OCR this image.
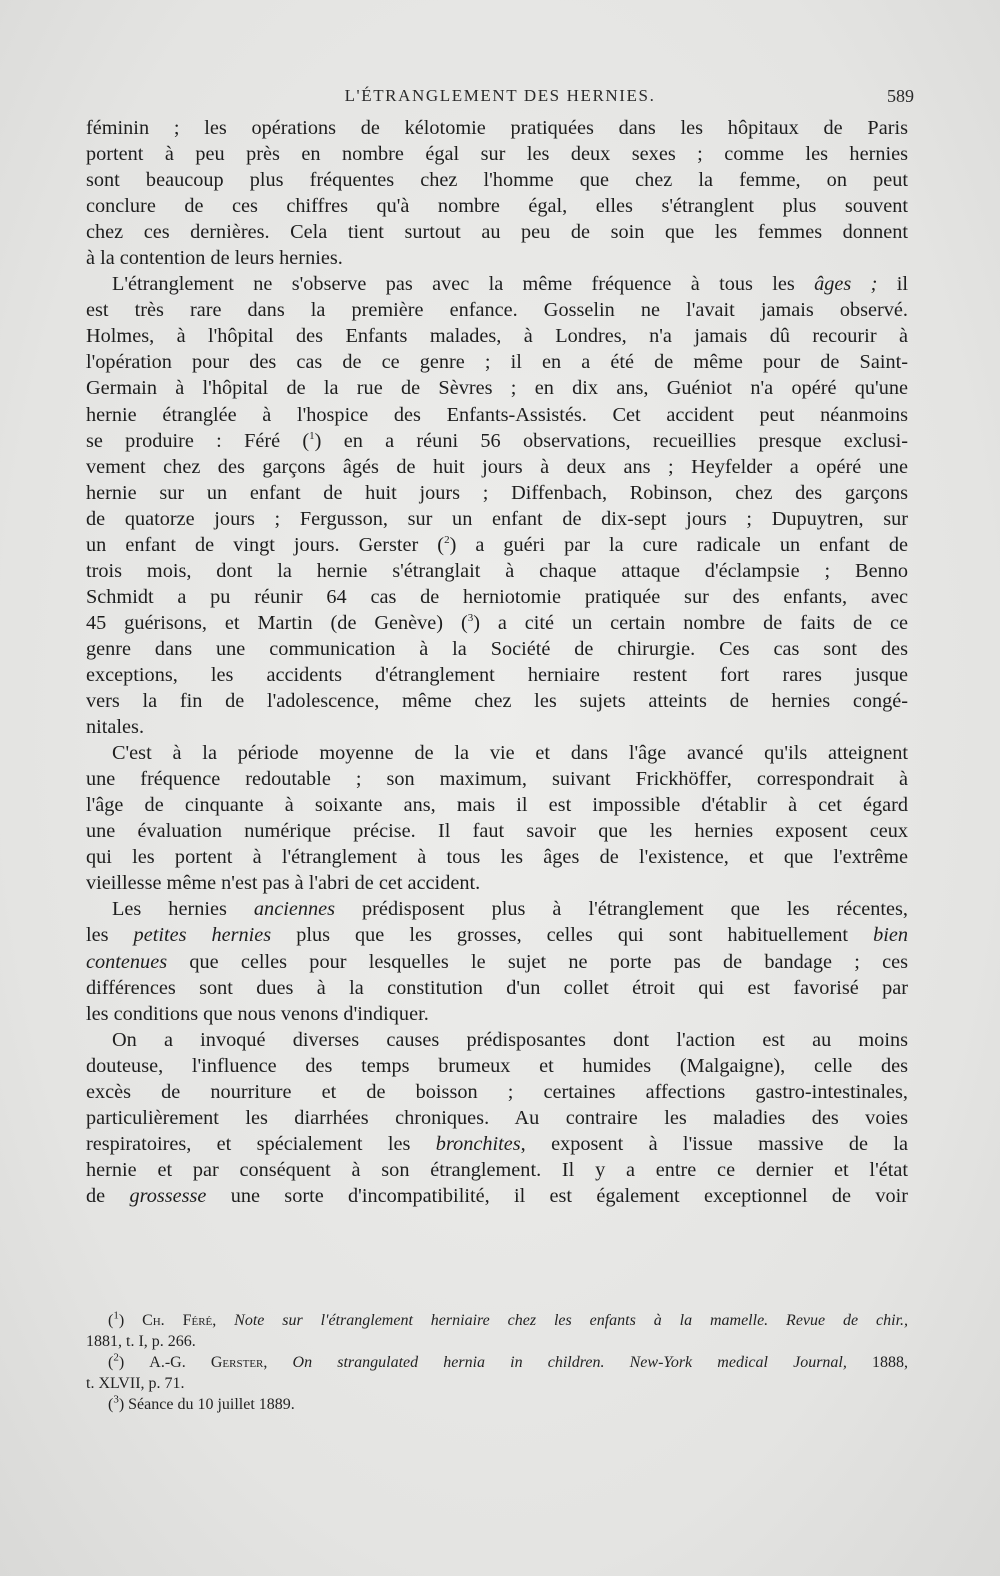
L'ÉTRANGLEMENT DES HERNIES.	589
féminin ; les opérations de kélotomie pratiquées dans les hôpitaux de Paris
portent à peu près en nombre égal sur les deux sexes ; comme les hernies
sont beaucoup plus fréquentes chez l'homme que chez la femme, on peut
conclure de ces chiffres qu'à nombre égal, elles s'étranglent plus souvent
chez ces dernières. Cela tient surtout au peu de soin que les femmes donnent
à la contention de leurs hernies.
L'étranglement ne s'observe pas avec la même fréquence à tous les âges ; il
est très rare dans la première enfance. Gosselin ne l'avait jamais observé.
Holmes, à l'hôpital des Enfants malades, à Londres, n'a jamais dû recourir à
l'opération pour des cas de ce genre ; il en a été de même pour de Saint-
Germain à l'hôpital de la rue de Sèvres ; en dix ans, Guéniot n'a opéré qu'une
hernie étranglée à l'hospice des Enfants-Assistés. Cet accident peut néanmoins
se produire : Féré ($^1$) en a réuni 56 observations, recueillies presque exclusi-
vement chez des garçons âgés de huit jours à deux ans ; Heyfelder a opéré une
hernie sur un enfant de huit jours ; Diffenbach, Robinson, chez des garçons
de quatorze jours ; Fergusson, sur un enfant de dix-sept jours ; Dupuytren, sur
un enfant de vingt jours. Gerster ($^2$) a guéri par la cure radicale un enfant de
trois mois, dont la hernie s'étranglait à chaque attaque d'éclampsie ; Benno
Schmidt a pu réunir 64 cas de herniotomie pratiquée sur des enfants, avec
45 guérisons, et Martin (de Genève) ($^3$) a cité un certain nombre de faits de ce
genre dans une communication à la Société de chirurgie. Ces cas sont des
exceptions, les accidents d'étranglement herniaire restent fort rares jusque
vers la fin de l'adolescence, même chez les sujets atteints de hernies congé-
nitales.
C'est à la période moyenne de la vie et dans l'âge avancé qu'ils atteignent
une fréquence redoutable ; son maximum, suivant Frickhöffer, correspondrait à
l'âge de cinquante à soixante ans, mais il est impossible d'établir à cet égard
une évaluation numérique précise. Il faut savoir que les hernies exposent ceux
qui les portent à l'étranglement à tous les âges de l'existence, et que l'extrême
vieillesse même n'est pas à l'abri de cet accident.
Les hernies anciennes prédisposent plus à l'étranglement que les récentes,
les petites hernies plus que les grosses, celles qui sont habituellement bien
contenues que celles pour lesquelles le sujet ne porte pas de bandage ; ces
différences sont dues à la constitution d'un collet étroit qui est favorisé par
les conditions que nous venons d'indiquer.
On a invoqué diverses causes prédisposantes dont l'action est au moins
douteuse, l'influence des temps brumeux et humides (Malgaigne), celle des
excès de nourriture et de boisson ; certaines affections gastro-intestinales,
particulièrement les diarrhées chroniques. Au contraire les maladies des voies
respiratoires, et spécialement les bronchites, exposent à l'issue massive de la
hernie et par conséquent à son étranglement. Il y a entre ce dernier et l'état
de grossesse une sorte d'incompatibilité, il est également exceptionnel de voir
($^1$) Ch. Féré, Note sur l'étranglement herniaire chez les enfants à la mamelle. Revue de chir.,
1881, t. I, p. 266.
($^2$) A.-G. Gerster, On strangulated hernia in children. New-York medical Journal, 1888,
t. XLVII, p. 71.
($^3$) Séance du 10 juillet 1889.
